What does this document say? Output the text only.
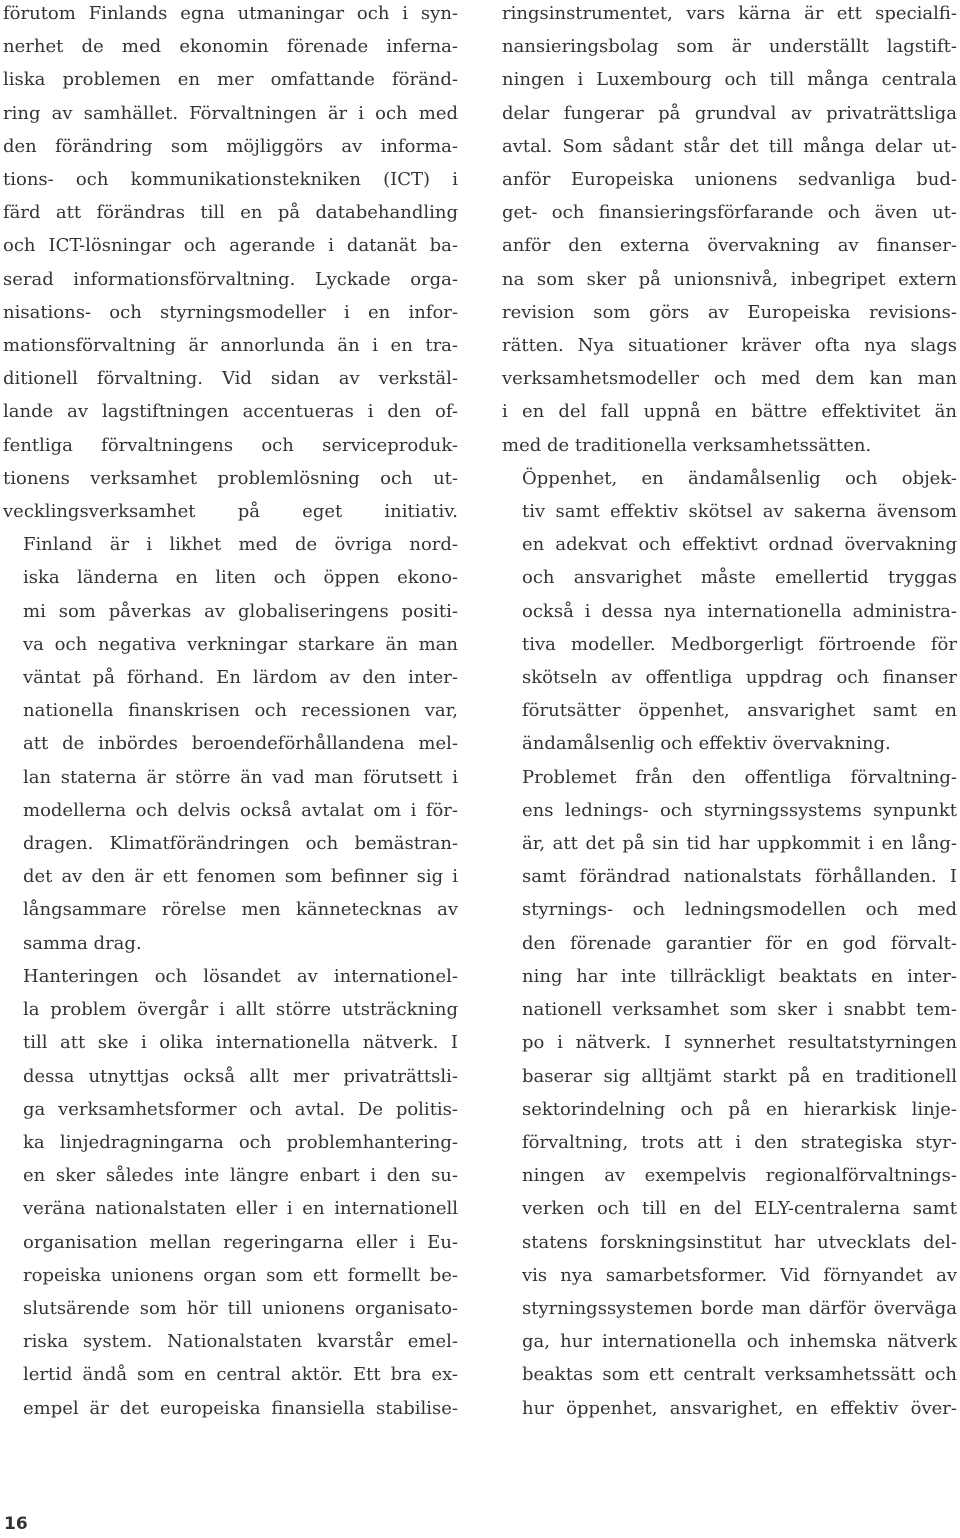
förutom Finlands egna utmaningar och i syn-
nerhet de med ekonomin förenade inferna-
liska problemen en mer omfattande föränd-
ring av samhället. Förvaltningen är i och med
den förändring som möjliggörs av informa-
tions- och kommunikationstekniken (ICT) i
färd att förändras till en på databehandling
och ICT-lösningar och agerande i datanät ba-
serad informationsförvaltning. Lyckade orga-
nisations- och styrningsmodeller i en infor-
mationsförvaltning är annorlunda än i en tra-
ditionell förvaltning. Vid sidan av verkstäl-
lande av lagstiftningen accentueras i den of-
fentliga förvaltningens och serviceproduk-
tionens verksamhet problemlösning och ut-
vecklingsverksamhet på eget initiativ.

Finland är i likhet med de övriga nord-
iska länderna en liten och öppen ekono-
mi som påverkas av globaliseringens positi-
va och negativa verkningar starkare än man
väntat på förhand. En lärdom av den inter-
nationella finanskrisen och recessionen var,
att de inbördes beroendeförhållandena mel-
lan staterna är större än vad man förutsett i
modellerna och delvis också avtalat om i för-
dragen. Klimatförändringen och bemästran-
det av den är ett fenomen som befinner sig i
långsammare rörelse men kännetecknas av
samma drag.

Hanteringen och lösandet av internationel-
la problem övergår i allt större utsträckning
till att ske i olika internationella nätverk. I
dessa utnyttjas också allt mer privaträttsli-
ga verksamhetsformer och avtal. De politis-
ka linjedragningarna och problemhantering-
en sker således inte längre enbart i den su-
veräna nationalstaten eller i en internationell
organisation mellan regeringarna eller i Eu-
ropeiska unionens organ som ett formellt be-
slutsärende som hör till unionens organisato-
riska system. Nationalstaten kvarstår emel-
lertid ändå som en central aktör. Ett bra ex-
empel är det europeiska finansiella stabilise-

ringsinstrumentet, vars kärna är ett specialfi-
nansieringsbolag som är underställt lagstift-
ningen i Luxembourg och till många centrala
delar fungerar på grundval av privaträttsliga
avtal. Som sådant står det till många delar ut-
anför Europeiska unionens sedvanliga bud-
get- och finansieringsförfarande och även ut-
anför den externa övervakning av finanser-
na som sker på unionsnivå, inbegripet extern
revision som görs av Europeiska revisions-
rätten. Nya situationer kräver ofta nya slags
verksamhetsmodeller och med dem kan man
i en del fall uppnå en bättre effektivitet än
med de traditionella verksamhetssätten.

Öppenhet, en ändamålsenlig och objek-
tiv samt effektiv skötsel av sakerna ävensom
en adekvat och effektivt ordnad övervakning
och ansvarighet måste emellertid tryggas
också i dessa nya internationella administra-
tiva modeller. Medborgerligt förtroende för
skötseln av offentliga uppdrag och finanser
förutsätter öppenhet, ansvarighet samt en
ändamålsenlig och effektiv övervakning.

Problemet från den offentliga förvaltning-
ens lednings- och styrningssystems synpunkt
är, att det på sin tid har uppkommit i en lång-
samt förändrad nationalstats förhållanden. I
styrnings- och ledningsmodellen och med
den förenade garantier för en god förvalt-
ning har inte tillräckligt beaktats en inter-
nationell verksamhet som sker i snabbt tem-
po i nätverk. I synnerhet resultatstyrningen
baserar sig alltjämt starkt på en traditionell
sektorindelning och på en hierarkisk linje-
förvaltning, trots att i den strategiska styr-
ningen av exempelvis regionalförvaltnings-
verken och till en del ELY-centralerna samt
statens forskningsinstitut har utvecklats del-
vis nya samarbetsformer. Vid förnyandet av
styrningssystemen borde man därför överväga
ga, hur internationella och inhemska nätverk
beaktas som ett centralt verksamhetssätt och
hur öppenhet, ansvarighet, en effektiv över-

16
